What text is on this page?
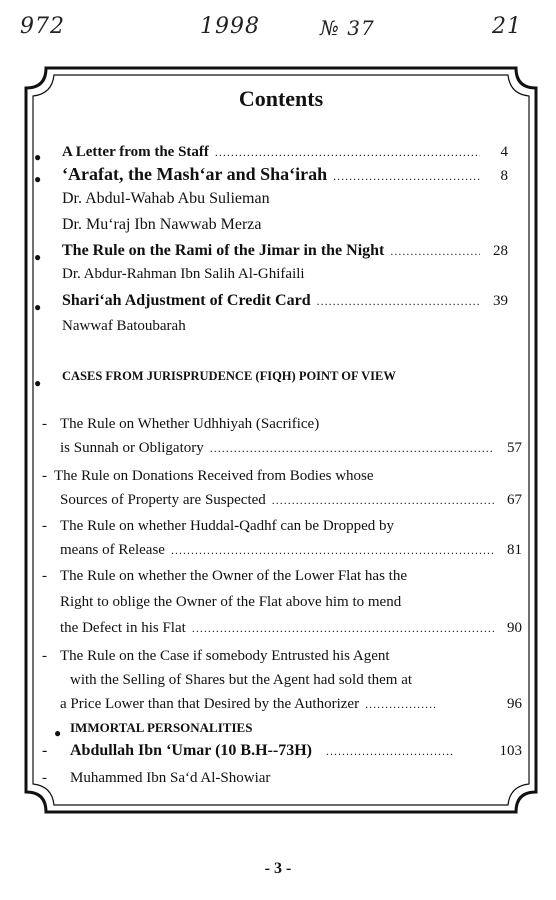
972	1998	№ 37	21
Contents
● A Letter from the Staff .....	4
● ‘Arafat, the Mash‘ar and Sha‘irah .....	8
Dr. Abdul-Wahab Abu Sulieman
Dr. Mu‘raj Ibn Nawwab Merza
● The Rule on the Rami of the Jimar in the Night .....	28
Dr. Abdur-Rahman Ibn Salih Al-Ghifaili
● Shari‘ah Adjustment of Credit Card .....	39
Nawwaf Batoubarah
● CASES FROM JURISPRUDENCE (FIQH) POINT OF VIEW
- The Rule on Whether Udhhiyah (Sacrifice)
is Sunnah or Obligatory .....	57
- The Rule on Donations Received from Bodies whose
Sources of Property are Suspected .....	67
- The Rule on whether Huddal-Qadhf can be Dropped by
means of Release .....	81
- The Rule on whether the Owner of the Lower Flat has the
Right to oblige the Owner of the Flat above him to mend
the Defect in his Flat .....	90
- The Rule on the Case if somebody Entrusted his Agent
with the Selling of Shares but the Agent had sold them at
a Price Lower than that Desired by the Authorizer .....	96
● IMMORTAL PERSONALITIES
- Abdullah Ibn ‘Umar (10 B.H--73H) .....	103
- Muhammed Ibn Sa‘d Al-Showiar
- 3 -
